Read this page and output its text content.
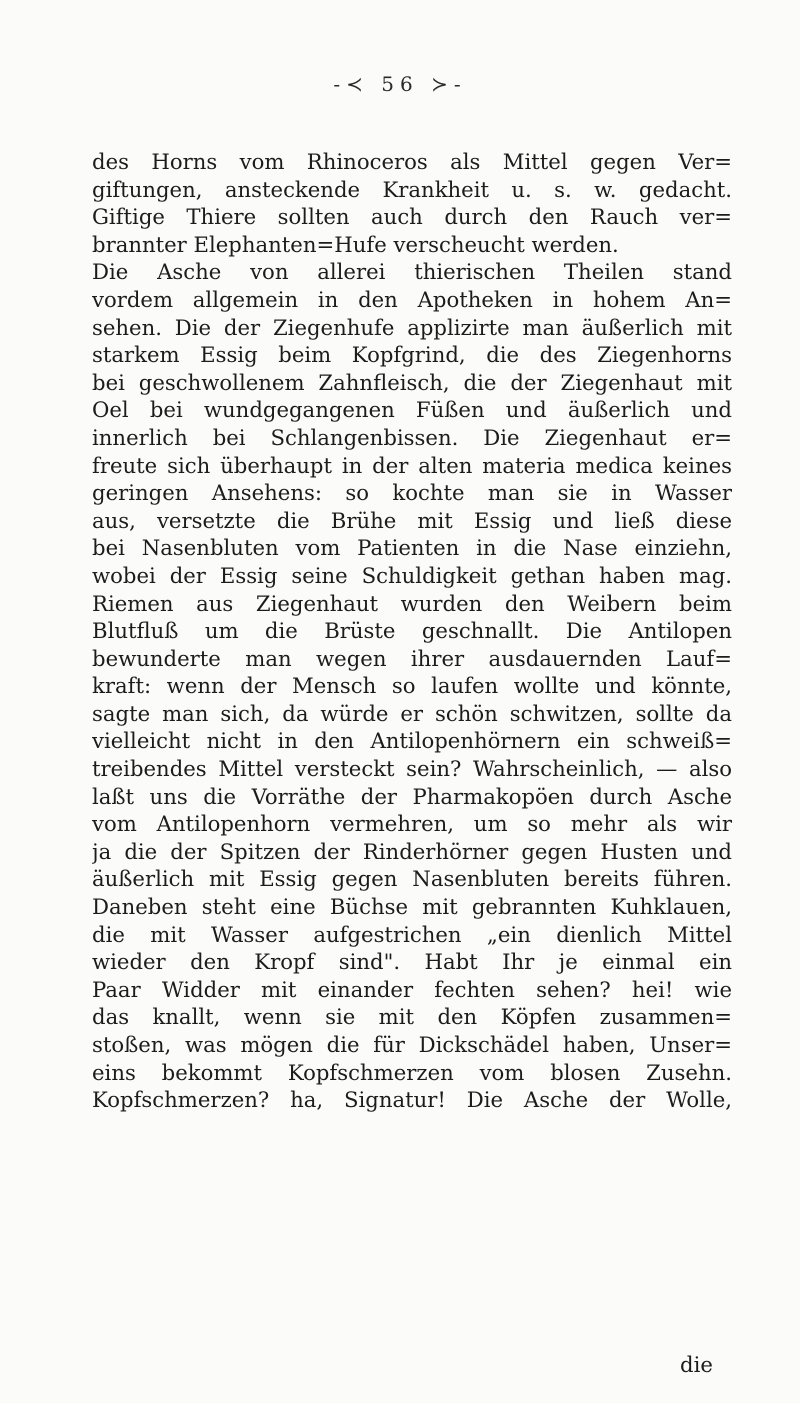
-≺ 56 ≻-
des Horns vom Rhinoceros als Mittel gegen Ver=
giftungen, ansteckende Krankheit u. s. w. gedacht.
Giftige Thiere sollten auch durch den Rauch ver=
brannter Elephanten=Hufe verscheucht werden.
Die Asche von allerei thierischen Theilen stand
vordem allgemein in den Apotheken in hohem An=
sehen. Die der Ziegenhufe applizirte man äußerlich mit
starkem Essig beim Kopfgrind, die des Ziegenhorns
bei geschwollenem Zahnfleisch, die der Ziegenhaut mit
Oel bei wundgegangenen Füßen und äußerlich und
innerlich bei Schlangenbissen. Die Ziegenhaut er=
freute sich überhaupt in der alten materia medica keines
geringen Ansehens: so kochte man sie in Wasser
aus, versetzte die Brühe mit Essig und ließ diese
bei Nasenbluten vom Patienten in die Nase einziehn,
wobei der Essig seine Schuldigkeit gethan haben mag.
Riemen aus Ziegenhaut wurden den Weibern beim
Blutfluß um die Brüste geschnallt. Die Antilopen
bewunderte man wegen ihrer ausdauernden Lauf=
kraft: wenn der Mensch so laufen wollte und könnte,
sagte man sich, da würde er schön schwitzen, sollte da
vielleicht nicht in den Antilopenhörnern ein schweiß=
treibendes Mittel versteckt sein? Wahrscheinlich, — also
laßt uns die Vorräthe der Pharmakopöen durch Asche
vom Antilopenhorn vermehren, um so mehr als wir
ja die der Spitzen der Rinderhörner gegen Husten und
äußerlich mit Essig gegen Nasenbluten bereits führen.
Daneben steht eine Büchse mit gebrannten Kuhklauen,
die mit Wasser aufgestrichen „ein dienlich Mittel
wieder den Kropf sind". Habt Ihr je einmal ein
Paar Widder mit einander fechten sehen? hei! wie
das knallt, wenn sie mit den Köpfen zusammen=
stoßen, was mögen die für Dickschädel haben, Unser=
eins bekommt Kopfschmerzen vom blosen Zusehn.
Kopfschmerzen? ha, Signatur! Die Asche der Wolle,
die
